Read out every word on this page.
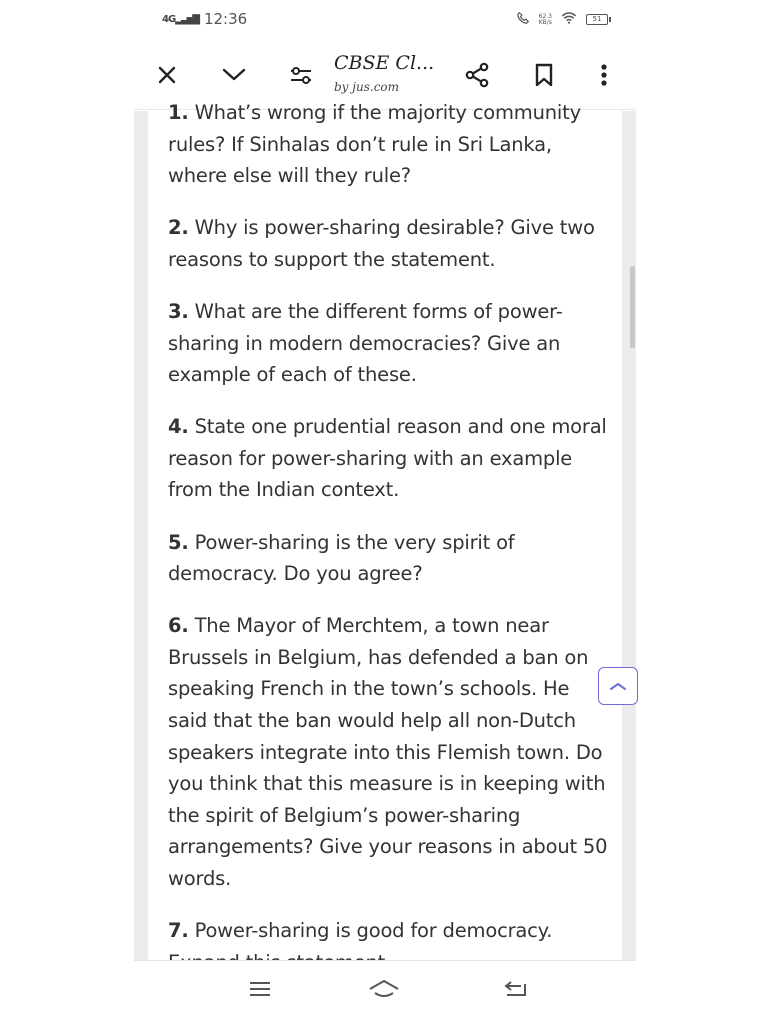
4G▂▃▅▇ 12:36	62.3
KB/s	51
CBSE Cl...
by jus.com

1. What’s wrong if the majority community rules? If Sinhalas don’t rule in Sri Lanka, where else will they rule?

2. Why is power-sharing desirable? Give two reasons to support the statement.

3. What are the different forms of power-sharing in modern democracies? Give an example of each of these.

4. State one prudential reason and one moral reason for power-sharing with an example from the Indian context.

5. Power-sharing is the very spirit of democracy. Do you agree?

6. The Mayor of Merchtem, a town near Brussels in Belgium, has defended a ban on speaking French in the town’s schools. He said that the ban would help all non-Dutch speakers integrate into this Flemish town. Do you think that this measure is in keeping with the spirit of Belgium’s power-sharing arrangements? Give your reasons in about 50 words.

7. Power-sharing is good for democracy.
